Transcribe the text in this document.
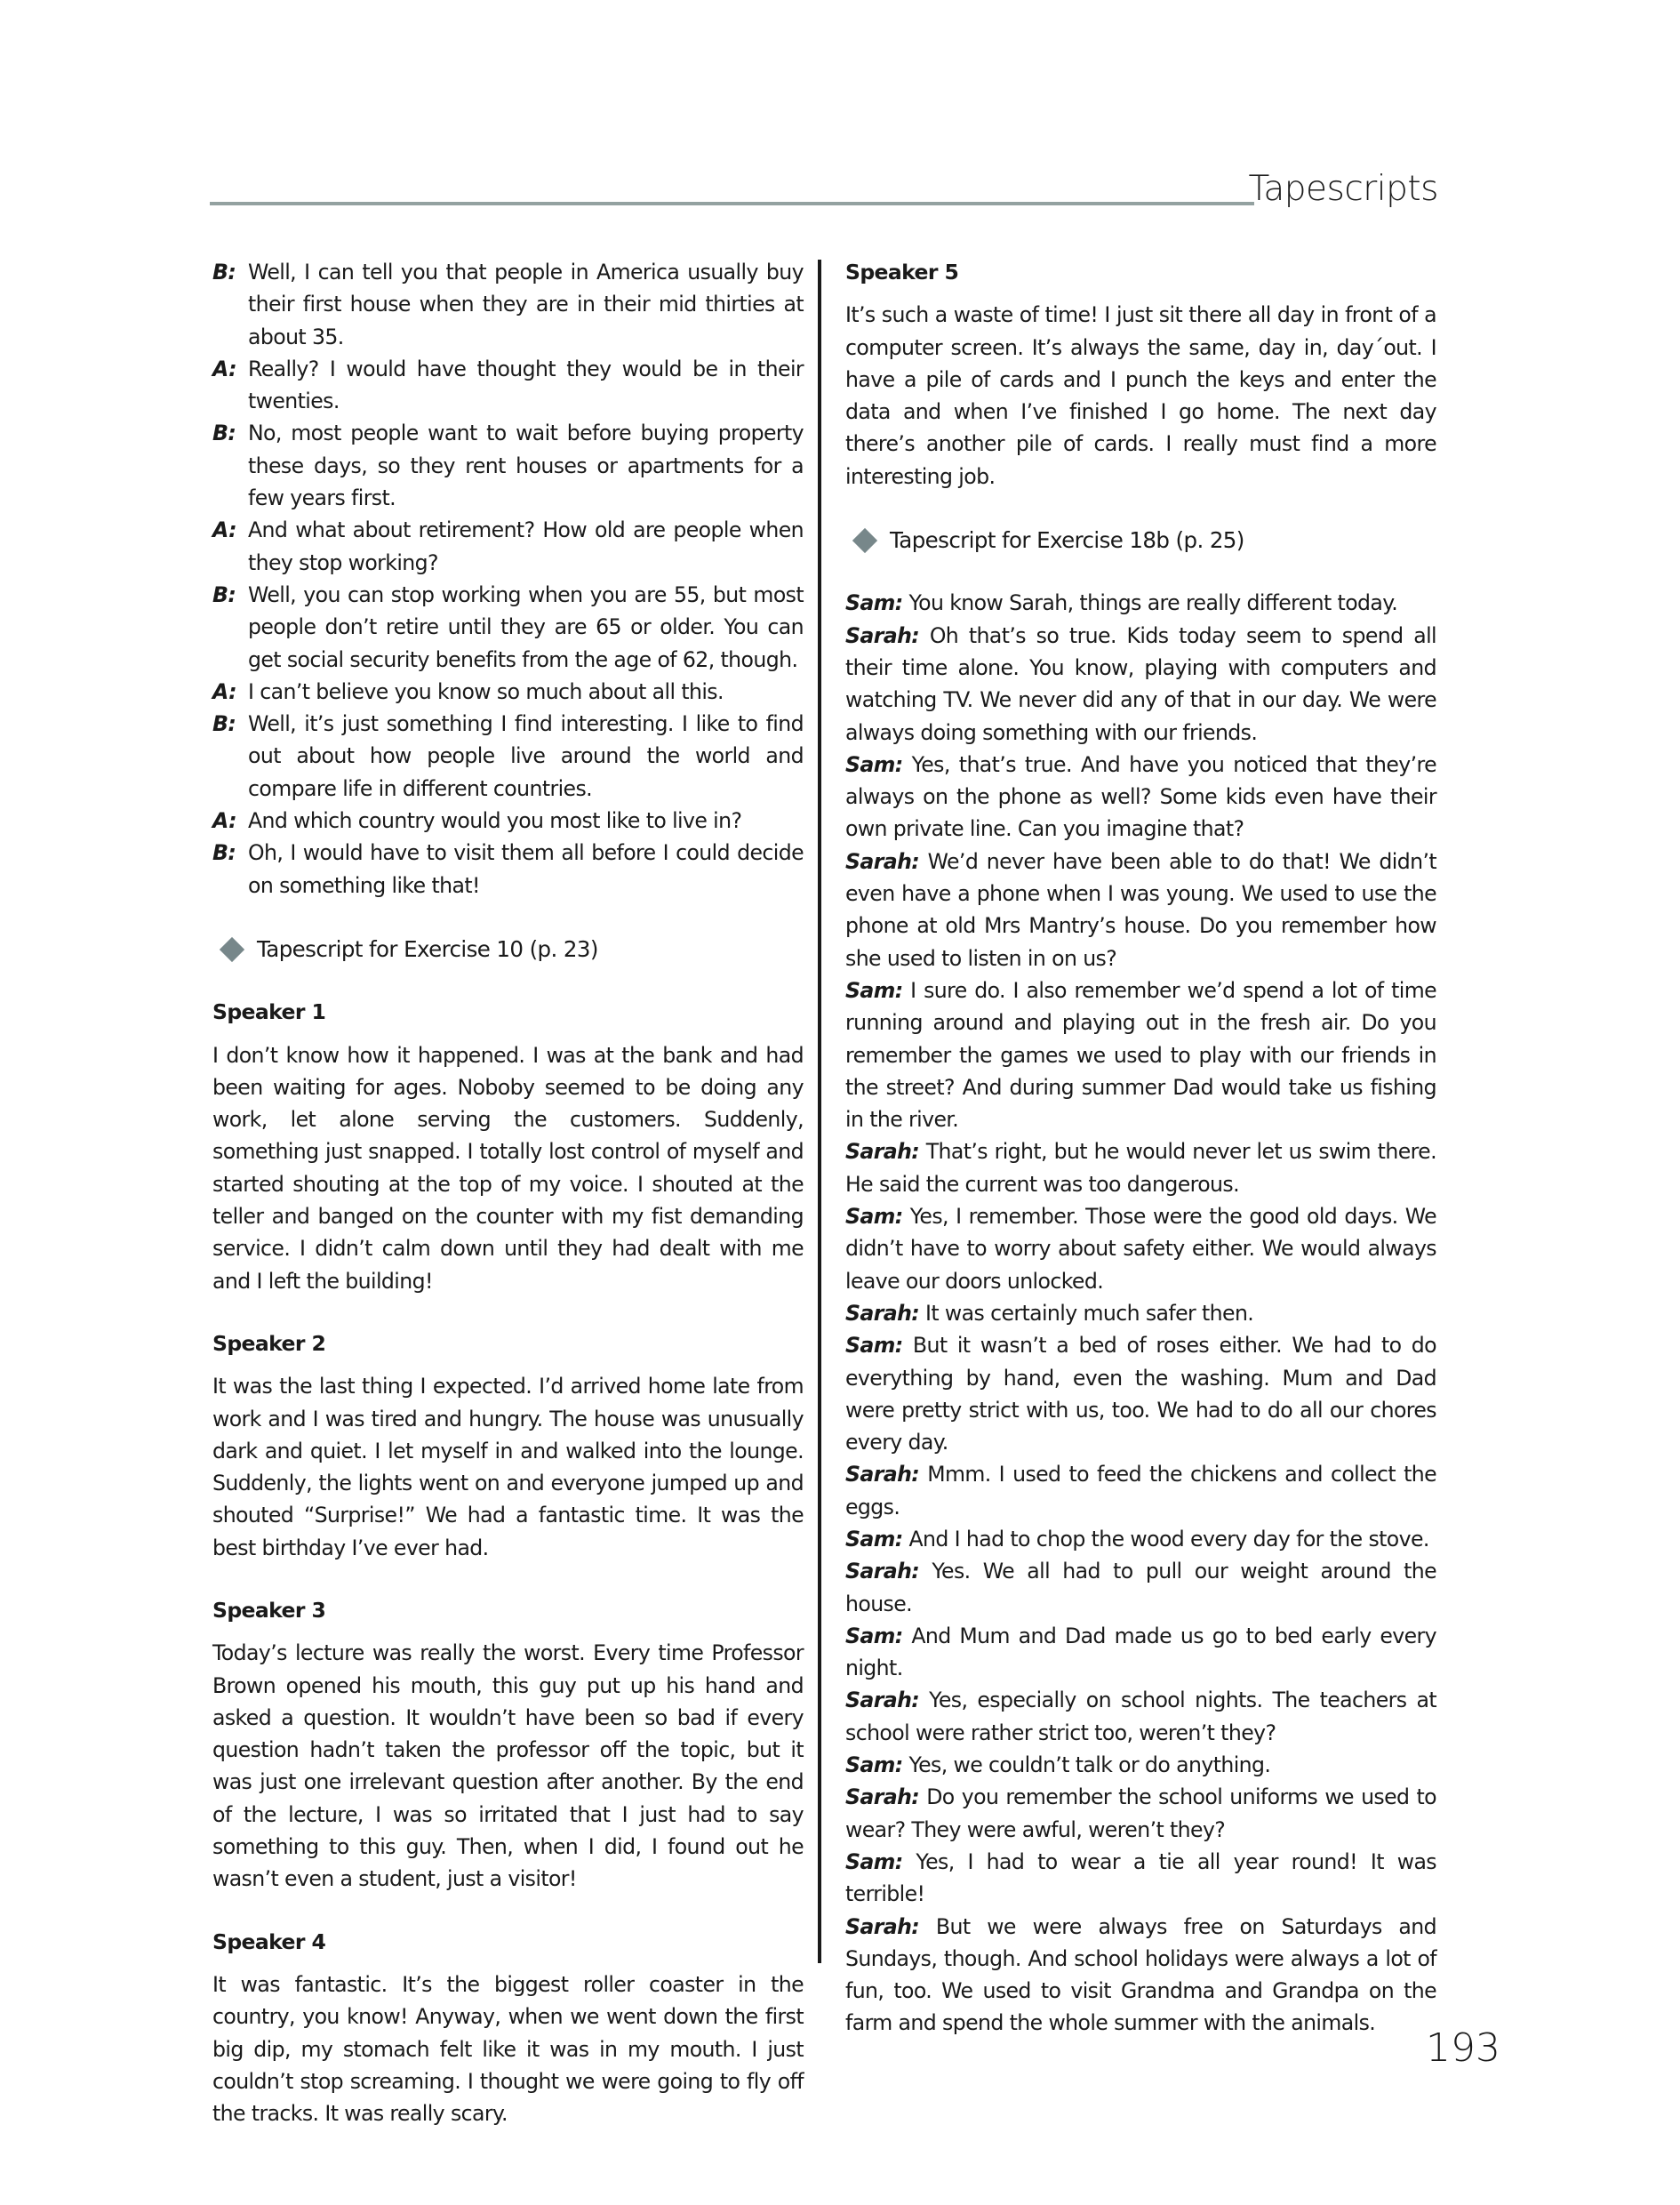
Tapescripts
B: Well, I can tell you that people in America usually buy their first house when they are in their mid thirties at about 35.
A: Really? I would have thought they would be in their twenties.
B: No, most people want to wait before buying property these days, so they rent houses or apartments for a few years first.
A: And what about retirement? How old are people when they stop working?
B: Well, you can stop working when you are 55, but most people don’t retire until they are 65 or older. You can get social security benefits from the age of 62, though.
A: I can’t believe you know so much about all this.
B: Well, it’s just something I find interesting. I like to find out about how people live around the world and compare life in different countries.
A: And which country would you most like to live in?
B: Oh, I would have to visit them all before I could decide on something like that!
Tapescript for Exercise 10 (p. 23)
Speaker 1
I don’t know how it happened. I was at the bank and had been waiting for ages. Noboby seemed to be doing any work, let alone serving the customers. Suddenly, something just snapped. I totally lost control of myself and started shouting at the top of my voice. I shouted at the teller and banged on the counter with my fist demanding service. I didn’t calm down until they had dealt with me and I left the building!
Speaker 2
It was the last thing I expected. I’d arrived home late from work and I was tired and hungry. The house was unusually dark and quiet. I let myself in and walked into the lounge. Suddenly, the lights went on and everyone jumped up and shouted “Surprise!” We had a fantastic time. It was the best birthday I’ve ever had.
Speaker 3
Today’s lecture was really the worst. Every time Professor Brown opened his mouth, this guy put up his hand and asked a question. It wouldn’t have been so bad if every question hadn’t taken the professor off the topic, but it was just one irrelevant question after another. By the end of the lecture, I was so irritated that I just had to say something to this guy. Then, when I did, I found out he wasn’t even a student, just a visitor!
Speaker 4
It was fantastic. It’s the biggest roller coaster in the country, you know! Anyway, when we went down the first big dip, my stomach felt like it was in my mouth. I just couldn’t stop screaming. I thought we were going to fly off the tracks. It was really scary.
Speaker 5
It’s such a waste of time! I just sit there all day in front of a computer screen. It’s always the same, day in, day´out. I have a pile of cards and I punch the keys and enter the data and when I’ve finished I go home. The next day there’s another pile of cards. I really must find a more interesting job.
Tapescript for Exercise 18b (p. 25)
Sam: You know Sarah, things are really different today.
Sarah: Oh that’s so true. Kids today seem to spend all their time alone. You know, playing with computers and watching TV. We never did any of that in our day. We were always doing something with our friends.
Sam: Yes, that’s true. And have you noticed that they’re always on the phone as well? Some kids even have their own private line. Can you imagine that?
Sarah: We’d never have been able to do that! We didn’t even have a phone when I was young. We used to use the phone at old Mrs Mantry’s house. Do you remember how she used to listen in on us?
Sam: I sure do. I also remember we’d spend a lot of time running around and playing out in the fresh air. Do you remember the games we used to play with our friends in the street? And during summer Dad would take us fishing in the river.
Sarah: That’s right, but he would never let us swim there. He said the current was too dangerous.
Sam: Yes, I remember. Those were the good old days. We didn’t have to worry about safety either. We would always leave our doors unlocked.
Sarah: It was certainly much safer then.
Sam: But it wasn’t a bed of roses either. We had to do everything by hand, even the washing. Mum and Dad were pretty strict with us, too. We had to do all our chores every day.
Sarah: Mmm. I used to feed the chickens and collect the eggs.
Sam: And I had to chop the wood every day for the stove.
Sarah: Yes. We all had to pull our weight around the house.
Sam: And Mum and Dad made us go to bed early every night.
Sarah: Yes, especially on school nights. The teachers at school were rather strict too, weren’t they?
Sam: Yes, we couldn’t talk or do anything.
Sarah: Do you remember the school uniforms we used to wear? They were awful, weren’t they?
Sam: Yes, I had to wear a tie all year round! It was terrible!
Sarah: But we were always free on Saturdays and Sundays, though. And school holidays were always a lot of fun, too. We used to visit Grandma and Grandpa on the farm and spend the whole summer with the animals.
193
